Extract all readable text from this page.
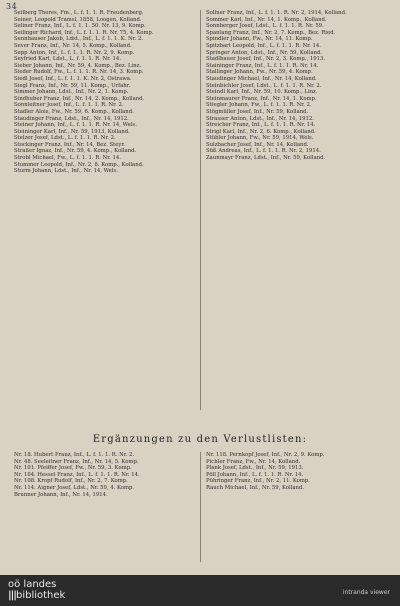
34

Seilberg Theres, Fm., L. f. 1. 1. R. Freudenberg.

Seiner, Leopold Tramsl, 1858, Loogen, Kolland.

Seliner Franz, Inf., L. f. 1. 1. 50. Nr. 13, 9. Komp.

Seilinger Richard, Inf., L. f. 1. 1. R. Nr. 75, 4. Komp.

Sennhauser Jakob, Ldst., Inf., L. f. 1. 1. K. Nr. 2.

Sever Franz, Inf., Nr. 14, 5. Komp., Kolland.

Sepp Anton, Inf., L. f. 1. 1. R. Nr. 2, 9. Komp.

Seyfried Karl, Ldst., L. f. 1. 1. R. Nr. 14.

Sieber Johann, Inf., Nr. 59, 4. Komp., Bez. Linz.

Sieder Rudolf, Fw., L. f. 1. 1. R. Nr. 14, 3. Komp.

Siedl Josef, Inf., L. f. 1. 1. K. Nr. 2, Ostrawa.

Siegl Franz, Inf., Nr. 59, 11. Komp., Urfahr.

Simmer Johann, Ldst., Inf., Nr. 2, 1. Komp.

Sindhuber Franz, Inf., Nr. 14, 2. Komp., Kolland.

Sonnleitner Josef, Inf., L. f. 1. 1. R. Nr. 2.

Stadler Alois, Fw., Nr. 59, 6. Komp., Kolland.

Staudinger Franz, Ldst., Inf., Nr. 14, 1912.

Steiner Johann, Inf., L. f. 1. 1. R. Nr. 14, Wels.

Steininger Karl, Inf., Nr. 59, 1913, Kolland.

Stelzer Josef, Ldst., L. f. 1. 1. R. Nr. 2.

Stockinger Franz, Inf., Nr. 14, Bez. Steyr.

Straßer Ignaz, Inf., Nr. 59, 4. Komp., Kolland.

Strobl Michael, Fw., L. f. 1. 1. R. Nr. 14.

Stummer Leopold, Inf., Nr. 2, 8. Komp., Kolland.

Sturm Johann, Ldst., Inf., Nr. 14, Wels.

Sollner Franz, Inf., L. f. 1. 1. R. Nr. 2, 1914, Kolland.

Sommer Karl, Inf., Nr. 14, 1. Komp., Kolland.

Sonnberger Josef, Ldst., L. f. 1. 1. R. Nr. 59.

Spanlang Franz, Inf., Nr. 2, 7. Komp., Bez. Ried.

Spindler Johann, Fw., Nr. 14, 11. Komp.

Spitzbart Leopold, Inf., L. f. 1. 1. R. Nr. 14.

Springer Anton, Ldst., Inf., Nr. 59, Kolland.

Stadlbauer Josef, Inf., Nr. 2, 3. Komp., 1913.

Staininger Franz, Inf., L. f. 1. 1. R. Nr. 14.

Stallinger Johann, Fw., Nr. 59, 4. Komp.

Staudinger Michael, Inf., Nr. 14, Kolland.

Steinbichler Josef, Ldst., L. f. 1. 1. R. Nr. 2.

Steindl Karl, Inf., Nr. 59, 10. Komp., Linz.

Steinmaurer Franz, Inf., Nr. 14, 1. Komp.

Stiegler Johann, Fw., L. f. 1. 1. R. Nr. 2.

Stögmüller Josef, Inf., Nr. 59, Kolland.

Strasser Anton, Ldst., Inf., Nr. 14, 1912.

Streicher Franz, Inf., L. f. 1. 1. R. Nr. 14.

Strigl Karl, Inf., Nr. 2, 6. Komp., Kolland.

Stübler Johann, Fw., Nr. 59, 1914, Wels.

Sulzbacher Josef, Inf., Nr. 14, Kolland.

Süß Andreas, Inf., L. f. 1. 1. R. Nr. 2, 1914.

Zaunmayr Franz, Ldst., Inf., Nr. 59, Kolland.

Ergänzungen zu den Verlustlisten:

Nr. 18. Hubert Franz, Inf., L. f. 1. 1. R. Nr. 2.

Nr. 48. Seeleitner Franz, Inf., Nr. 14, 5. Komp.

Nr. 101. Pfeiffer Josef, Fw., Nr. 59, 3. Komp.

Nr. 104. Hessel Franz, Inf., L. f. 1. 1. R. Nr. 14.

Nr. 108. Kropf Rudolf, Inf., Nr. 2, 7. Komp.

Nr. 114. Aigner Josef, Ldst., Nr. 59, 4. Komp.

Brunner Johann, Inf., Nr. 14, 1914.

Nr. 118. Pernkopf Josef, Inf., Nr. 2, 9. Komp.

Pichler Franz, Fw., Nr. 14, Kolland.

Plank Josef, Ldst., Inf., Nr. 59, 1913.

Pöll Johann, Inf., L. f. 1. 1. R. Nr. 14.

Pühringer Franz, Inf., Nr. 2, 11. Komp.

Rauch Michael, Inf., Nr. 59, Kolland.

oö landes
|||bibliothek	intranda viewer
